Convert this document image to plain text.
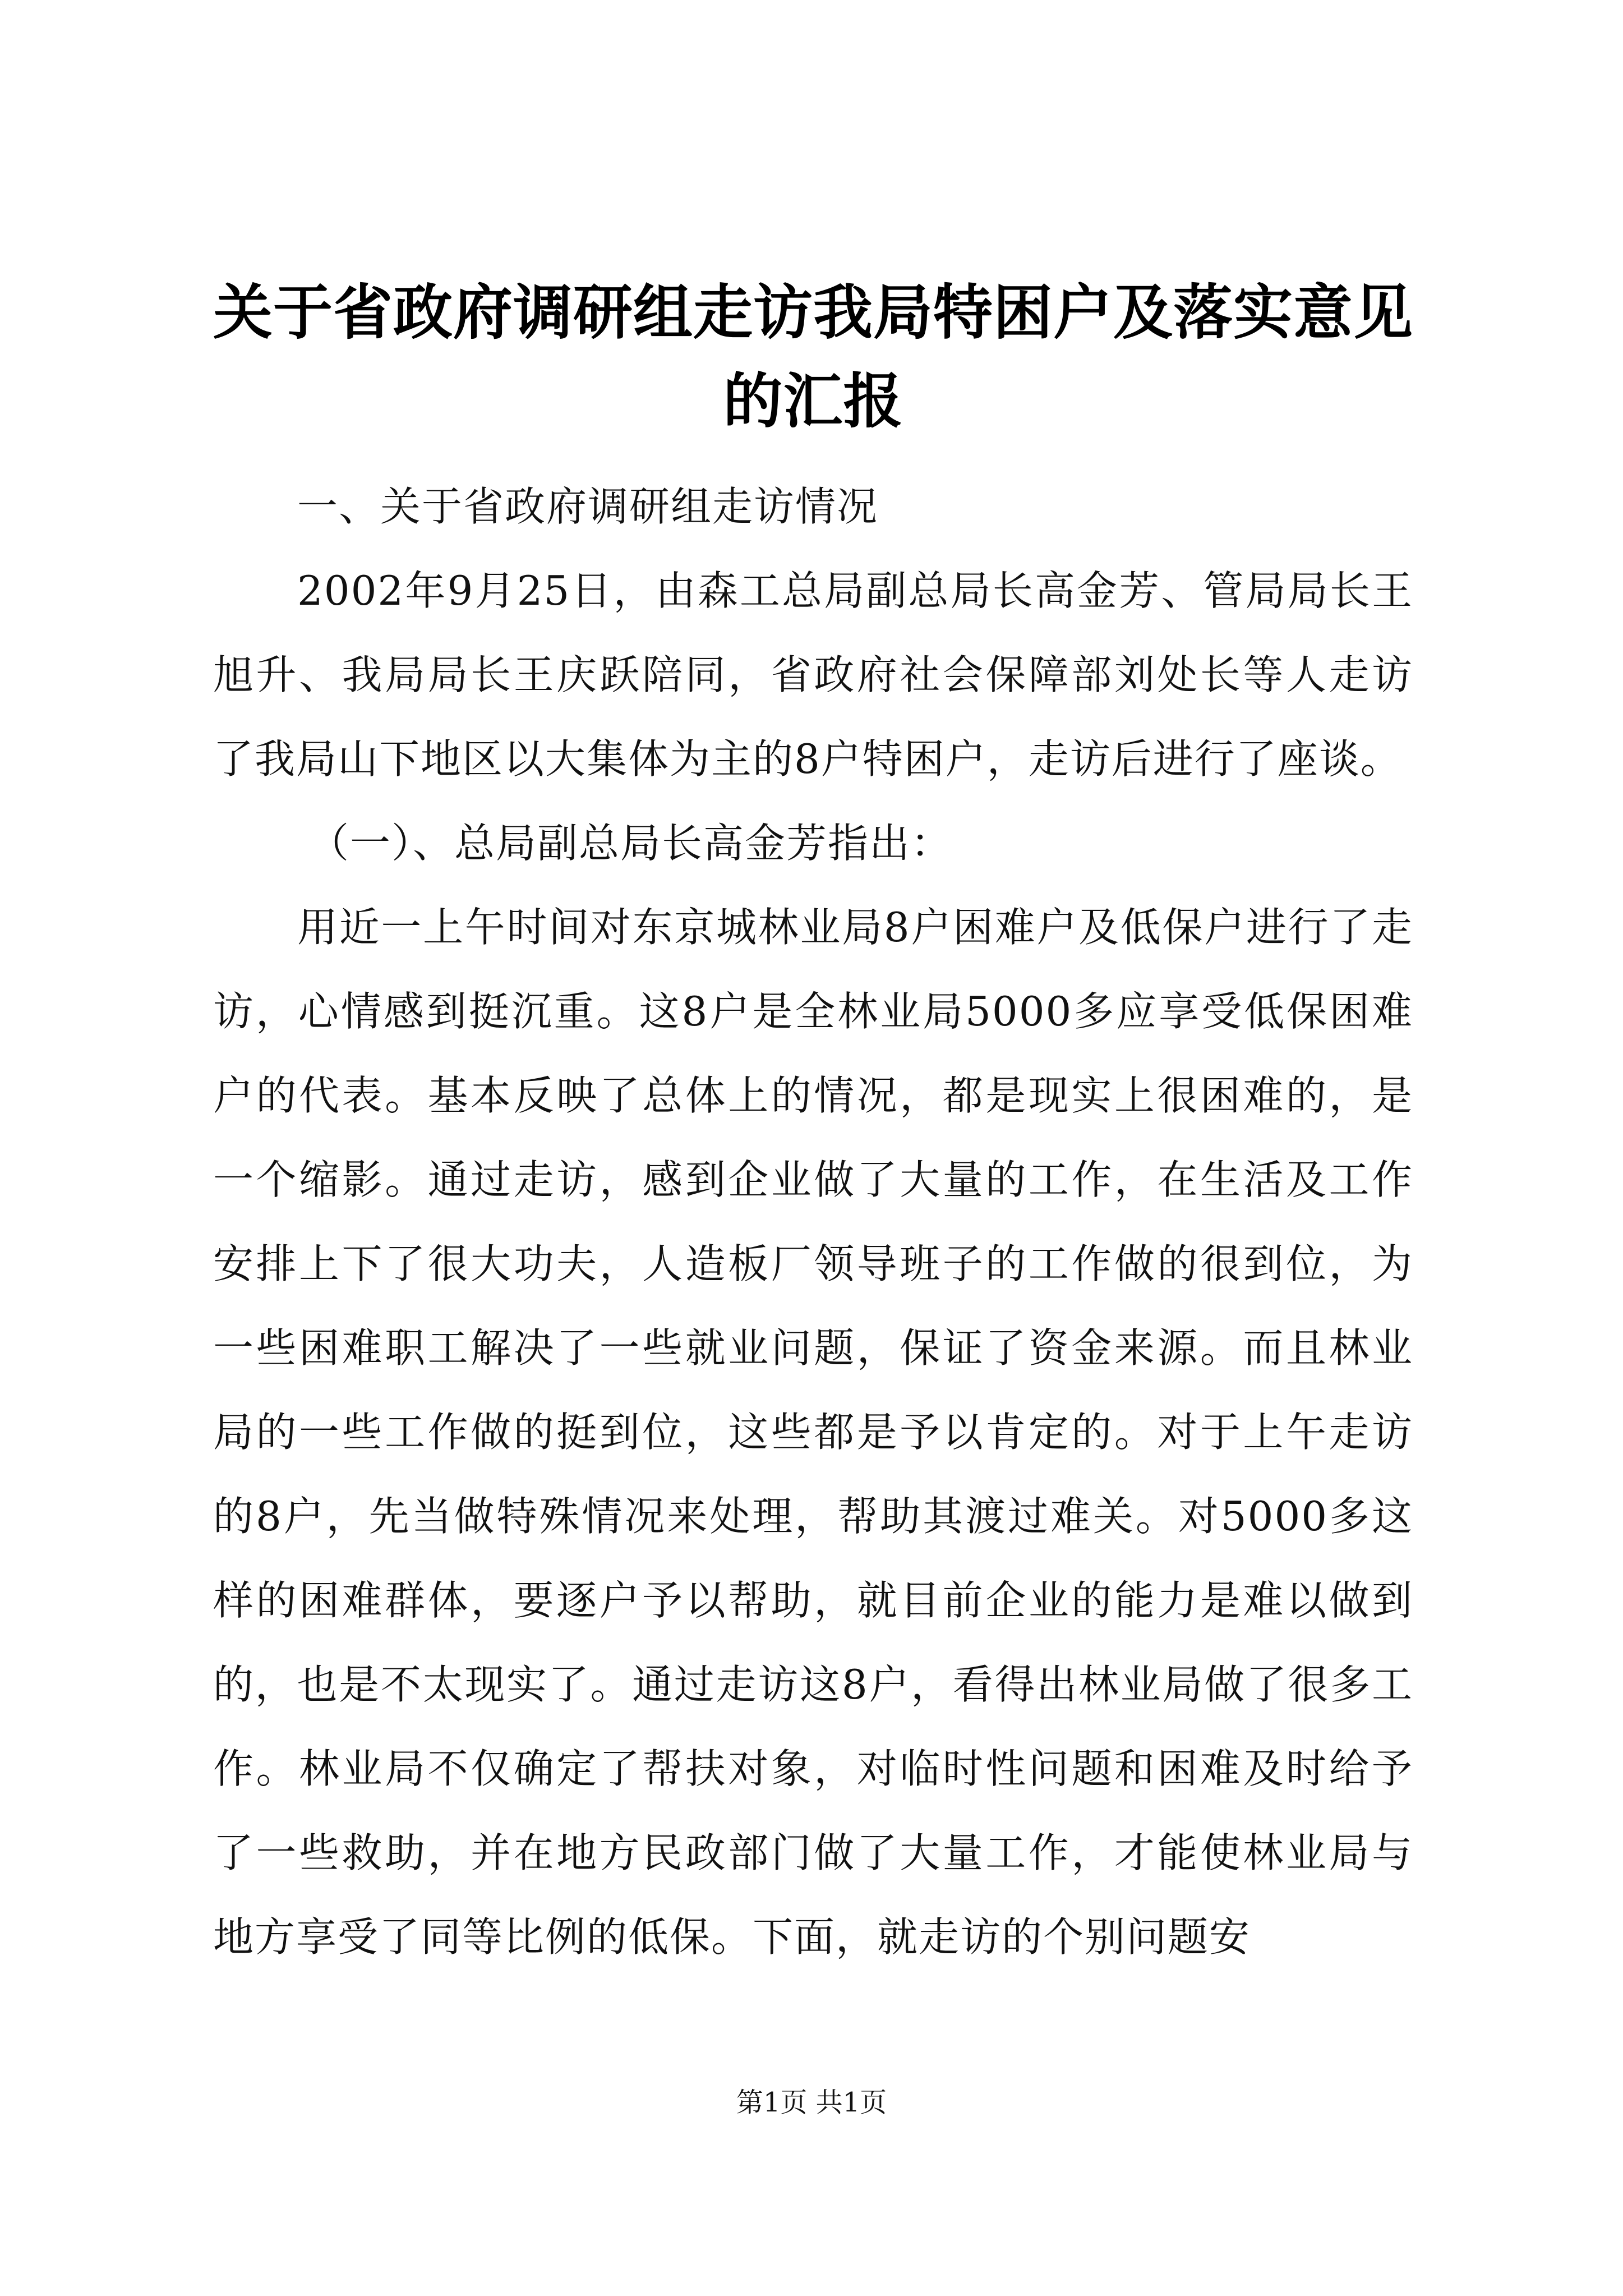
关于省政府调研组走访我局特困户及落实意见的汇报

一、关于省政府调研组走访情况

2002年9月25日，由森工总局副总局长高金芳、管局局长王旭升、我局局长王庆跃陪同，省政府社会保障部刘处长等人走访了我局山下地区以大集体为主的8户特困户，走访后进行了座谈。

（一）、总局副总局长高金芳指出：

用近一上午时间对东京城林业局8户困难户及低保户进行了走访，心情感到挺沉重。这8户是全林业局5000多应享受低保困难户的代表。基本反映了总体上的情况，都是现实上很困难的，是一个缩影。通过走访，感到企业做了大量的工作，在生活及工作安排上下了很大功夫，人造板厂领导班子的工作做的很到位，为一些困难职工解决了一些就业问题，保证了资金来源。而且林业局的一些工作做的挺到位，这些都是予以肯定的。对于上午走访的8户，先当做特殊情况来处理，帮助其渡过难关。对5000多这样的困难群体，要逐户予以帮助，就目前企业的能力是难以做到的，也是不太现实了。通过走访这8户，看得出林业局做了很多工作。林业局不仅确定了帮扶对象，对临时性问题和困难及时给予了一些救助，并在地方民政部门做了大量工作，才能使林业局与地方享受了同等比例的低保。下面，就走访的个别问题安

第1页 共1页
